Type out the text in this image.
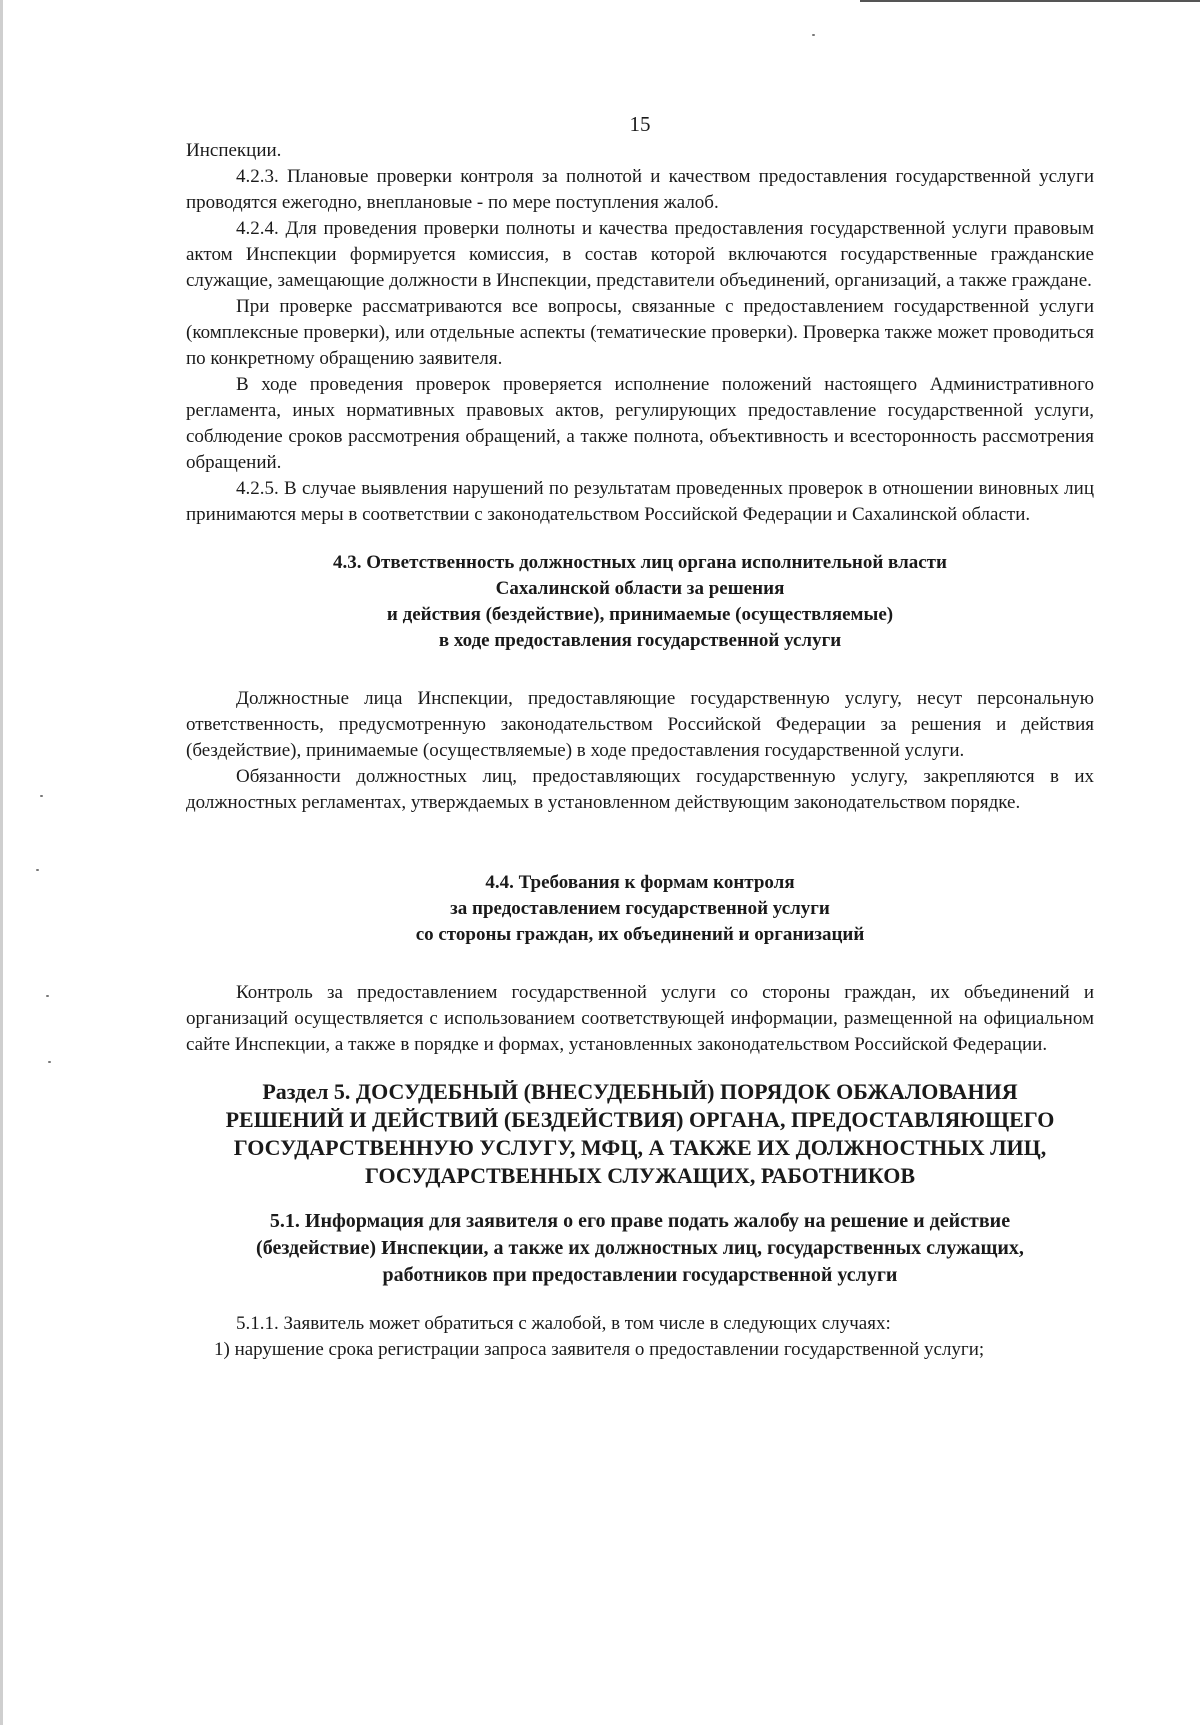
15

Инспекции.

4.2.3. Плановые проверки контроля за полнотой и качеством предоставления государственной услуги проводятся ежегодно, внеплановые - по мере поступления жалоб.

4.2.4. Для проведения проверки полноты и качества предоставления государственной услуги правовым актом Инспекции формируется комиссия, в состав которой включаются государственные гражданские служащие, замещающие должности в Инспекции, представители объединений, организаций, а также граждане.

При проверке рассматриваются все вопросы, связанные с предоставлением государственной услуги (комплексные проверки), или отдельные аспекты (тематические проверки). Проверка также может проводиться по конкретному обращению заявителя.

В ходе проведения проверок проверяется исполнение положений настоящего Административного регламента, иных нормативных правовых актов, регулирующих предоставление государственной услуги, соблюдение сроков рассмотрения обращений, а также полнота, объективность и всесторонность рассмотрения обращений.

4.2.5. В случае выявления нарушений по результатам проведенных проверок в отношении виновных лиц принимаются меры в соответствии с законодательством Российской Федерации и Сахалинской области.

4.3. Ответственность должностных лиц органа исполнительной власти
Сахалинской области за решения
и действия (бездействие), принимаемые (осуществляемые)
в ходе предоставления государственной услуги

Должностные лица Инспекции, предоставляющие государственную услугу, несут персональную ответственность, предусмотренную законодательством Российской Федерации за решения и действия (бездействие), принимаемые (осуществляемые) в ходе предоставления государственной услуги.

Обязанности должностных лиц, предоставляющих государственную услугу, закрепляются в их должностных регламентах, утверждаемых в установленном действующим законодательством порядке.

4.4. Требования к формам контроля
за предоставлением государственной услуги
со стороны граждан, их объединений и организаций

Контроль за предоставлением государственной услуги со стороны граждан, их объединений и организаций осуществляется с использованием соответствующей информации, размещенной на официальном сайте Инспекции, а также в порядке и формах, установленных законодательством Российской Федерации.

Раздел 5. ДОСУДЕБНЫЙ (ВНЕСУДЕБНЫЙ) ПОРЯДОК ОБЖАЛОВАНИЯ
РЕШЕНИЙ И ДЕЙСТВИЙ (БЕЗДЕЙСТВИЯ) ОРГАНА, ПРЕДОСТАВЛЯЮЩЕГО
ГОСУДАРСТВЕННУЮ УСЛУГУ, МФЦ, А ТАКЖЕ ИХ ДОЛЖНОСТНЫХ ЛИЦ,
ГОСУДАРСТВЕННЫХ СЛУЖАЩИХ, РАБОТНИКОВ
5.1. Информация для заявителя о его праве подать жалобу на решение и действие
(бездействие) Инспекции, а также их должностных лиц, государственных служащих,
работников при предоставлении государственной услуги

5.1.1. Заявитель может обратиться с жалобой, в том числе в следующих случаях:

1) нарушение срока регистрации запроса заявителя о предоставлении государственной услуги;
